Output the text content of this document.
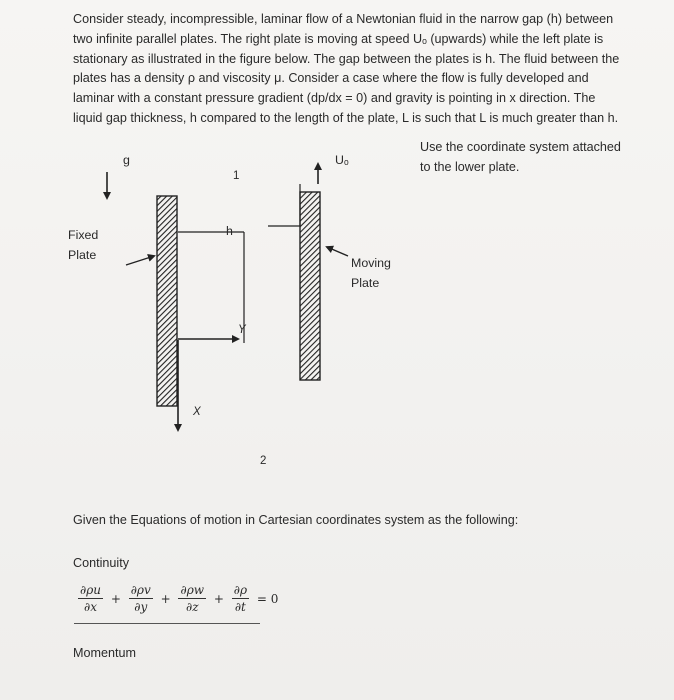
Consider steady, incompressible, laminar flow of a Newtonian fluid in the narrow gap (h) between
two infinite parallel plates. The right plate is moving at speed Uₒ (upwards) while the left plate is
stationary as illustrated in the figure below. The gap between the plates is h. The fluid between the
plates has a density ρ and viscosity μ. Consider a case where the flow is fully developed and
laminar with a constant pressure gradient (dp/dx = 0) and gravity is pointing in x direction. The
liquid gap thickness, h compared to the length of the plate, L is such that L is much greater than h.
Use the coordinate system attached
to the lower plate.
g
Fixed
Plate
Moving
Plate
Uₒ
h
1
2
X
Y
Given the Equations of motion in Cartesian coordinates system as the following:
Continuity
$\frac{\partial\rho u}{\partial x} + \frac{\partial\rho v}{\partial y} + \frac{\partial\rho w}{\partial z} + \frac{\partial\rho}{\partial t} = 0$
Momentum
